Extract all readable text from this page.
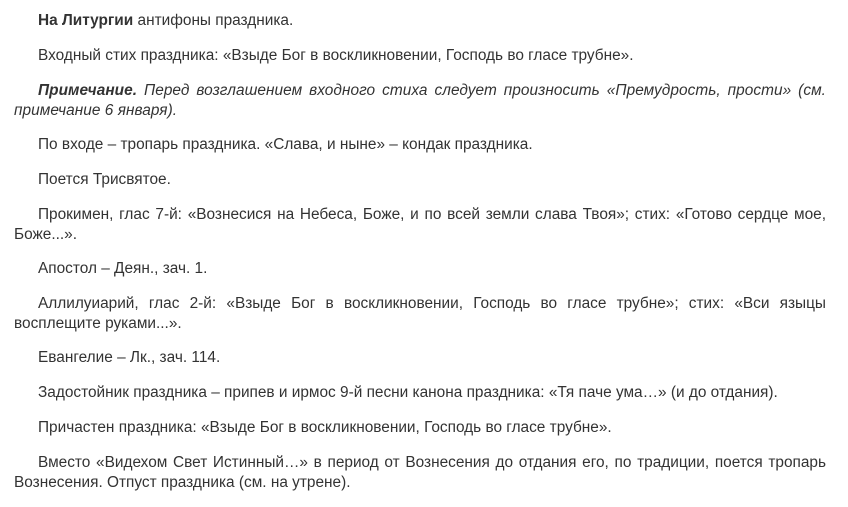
На Литургии антифоны праздника.

Входный стих праздника: «Взыде Бог в воскликновении, Господь во гласе трубне».

Примечание. Перед возглашением входного стиха следует произносить «Премудрость, прости» (см. примечание 6 января).

По входе – тропарь праздника. «Слава, и ныне» – кондак праздника.

Поется Трисвятое.

Прокимен, глас 7-й: «Вознесися на Небеса, Боже, и по всей земли слава Твоя»; стих: «Готово сердце мое, Боже...».

Апостол – Деян., зач. 1.

Аллилуиарий, глас 2-й: «Взыде Бог в воскликновении, Господь во гласе трубне»; стих: «Вси языцы восплещите руками...».

Евангелие – Лк., зач. 114.

Задостойник праздника – припев и ирмос 9-й песни канона праздника: «Тя паче ума…» (и до отдания).

Причастен праздника: «Взыде Бог в воскликновении, Господь во гласе трубне».

Вместо «Видехом Свет Истинный…» в период от Вознесения до отдания его, по традиции, поется тропарь Вознесения. Отпуст праздника (см. на утрене).
